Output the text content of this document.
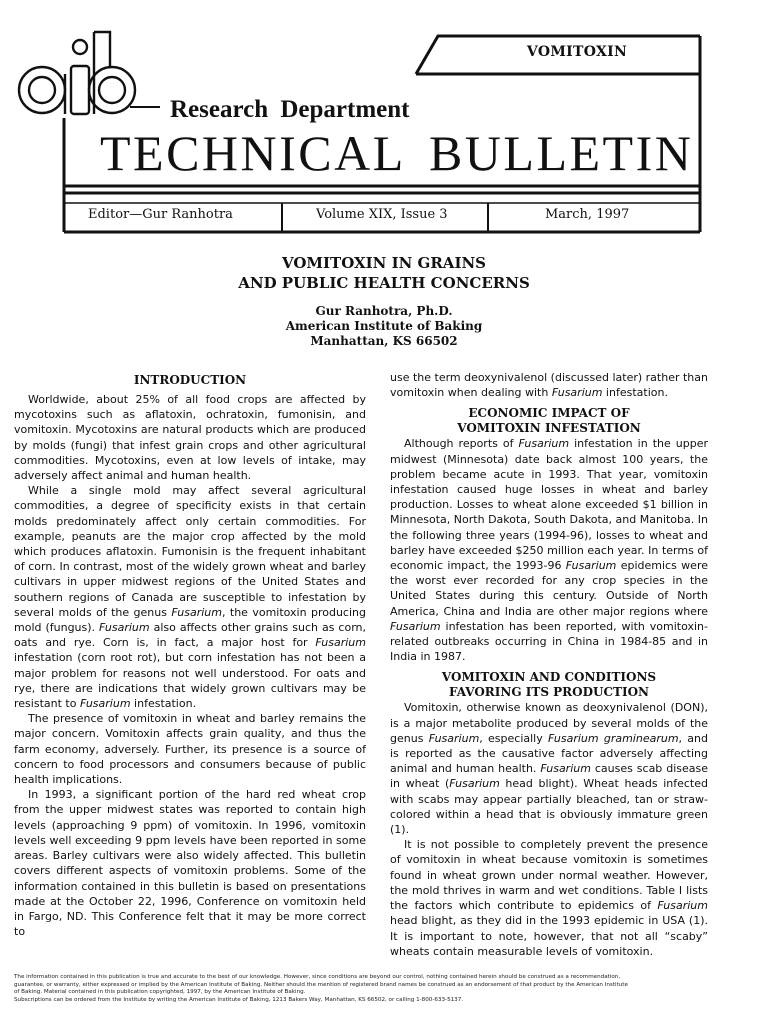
VOMITOXIN
Research Department
TECHNICAL BULLETIN
Editor—Gur Ranhotra	Volume XIX, Issue 3	March, 1997
VOMITOXIN IN GRAINS
AND PUBLIC HEALTH CONCERNS
Gur Ranhotra, Ph.D.
American Institute of Baking
Manhattan, KS 66502
INTRODUCTION

Worldwide, about 25% of all food crops are affected by mycotoxins such as aflatoxin, ochratoxin, fumonisin, and vomitoxin. Mycotoxins are natural products which are produced by molds (fungi) that infest grain crops and other agricultural commodities. Mycotoxins, even at low levels of intake, may adversely affect animal and human health.

While a single mold may affect several agricultural commodities, a degree of specificity exists in that certain molds predominately affect only certain commodities. For example, peanuts are the major crop affected by the mold which produces aflatoxin. Fumonisin is the frequent inhabitant of corn. In contrast, most of the widely grown wheat and barley cultivars in upper midwest regions of the United States and southern regions of Canada are susceptible to infestation by several molds of the genus Fusarium, the vomitoxin producing mold (fungus). Fusarium also affects other grains such as corn, oats and rye. Corn is, in fact, a major host for Fusarium infestation (corn root rot), but corn infestation has not been a major problem for reasons not well understood. For oats and rye, there are indications that widely grown cultivars may be resistant to Fusarium infestation.

The presence of vomitoxin in wheat and barley remains the major concern. Vomitoxin affects grain quality, and thus the farm economy, adversely. Further, its presence is a source of concern to food processors and consumers because of public health implications.

In 1993, a significant portion of the hard red wheat crop from the upper midwest states was reported to contain high levels (approaching 9 ppm) of vomitoxin. In 1996, vomitoxin levels well exceeding 9 ppm levels have been reported in some areas. Barley cultivars were also widely affected. This bulletin covers different aspects of vomitoxin problems. Some of the information contained in this bulletin is based on presentations made at the October 22, 1996, Conference on vomitoxin held in Fargo, ND. This Conference felt that it may be more correct to

use the term deoxynivalenol (discussed later) rather than vomitoxin when dealing with Fusarium infestation.

ECONOMIC IMPACT OF
VOMITOXIN INFESTATION

Although reports of Fusarium infestation in the upper midwest (Minnesota) date back almost 100 years, the problem became acute in 1993. That year, vomitoxin infestation caused huge losses in wheat and barley production. Losses to wheat alone exceeded $1 billion in Minnesota, North Dakota, South Dakota, and Manitoba. In the following three years (1994-96), losses to wheat and barley have exceeded $250 million each year. In terms of economic impact, the 1993-96 Fusarium epidemics were the worst ever recorded for any crop species in the United States during this century. Outside of North America, China and India are other major regions where Fusarium infestation has been reported, with vomitoxin-related outbreaks occurring in China in 1984-85 and in India in 1987.

VOMITOXIN AND CONDITIONS
FAVORING ITS PRODUCTION

Vomitoxin, otherwise known as deoxynivalenol (DON), is a major metabolite produced by several molds of the genus Fusarium, especially Fusarium graminearum, and is reported as the causative factor adversely affecting animal and human health. Fusarium causes scab disease in wheat (Fusarium head blight). Wheat heads infected with scabs may appear partially bleached, tan or straw-colored within a head that is obviously immature green (1).

It is not possible to completely prevent the presence of vomitoxin in wheat because vomitoxin is sometimes found in wheat grown under normal weather. However, the mold thrives in warm and wet conditions. Table I lists the factors which contribute to epidemics of Fusarium head blight, as they did in the 1993 epidemic in USA (1). It is important to note, however, that not all “scaby” wheats contain measurable levels of vomitoxin.

The information contained in this publication is true and accurate to the best of our knowledge. However, since conditions are beyond our control, nothing contained herein should be construed as a recommendation,
guarantee, or warranty, either expressed or implied by the American Institute of Baking. Neither should the mention of registered brand names be construed as an endorsement of that product by the American Institute
of Baking. Material contained in this publication copyrighted, 1997, by the American Institute of Baking.
Subscriptions can be ordered from the Institute by writing the American Institute of Baking, 1213 Bakers Way, Manhattan, KS 66502, or calling 1-800-633-5137.
